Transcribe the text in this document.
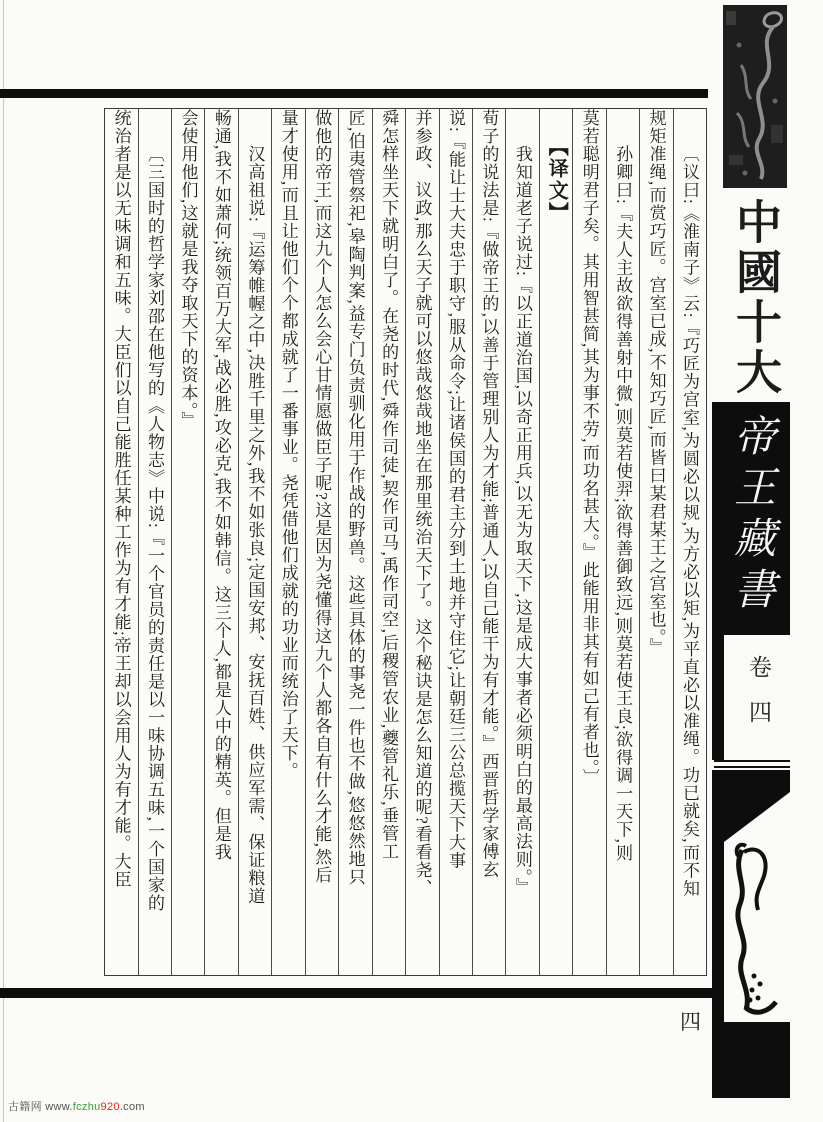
〔议曰:《淮南子》云:『巧匠为宫室,为圆必以规,为方必以矩,为平直必以准绳。功已就矣,而不知
规矩准绳,而赏巧匠。宫室已成,不知巧匠,而皆曰某君某王之宫室也。』
孙卿曰:『夫人主故欲得善射中微,则莫若使羿;欲得善御致远,则莫若使王良;欲得调一天下,则
莫若聪明君子矣。其用智甚简,其为事不劳,而功名甚大。』此能用非其有如己有者也。〕
【译文】
我知道老子说过:『以正道治国,以奇正用兵,以无为取天下,这是成大事者必须明白的最高法则。』
荀子的说法是:『做帝王的,以善于管理别人为才能;普通人,以自己能干为有才能。』西晋哲学家傅玄
说:『能让士大夫忠于职守,服从命令;让诸侯国的君主分到土地并守住它;让朝廷三公总揽天下大事
并参政、议政,那么天子就可以悠哉悠哉地坐在那里统治天下了。这个秘诀是怎么知道的呢?看看尧、
舜怎样坐天下就明白了。在尧的时代,舜作司徒,契作司马,禹作司空,后稷管农业,夔管礼乐,垂管工
匠,伯夷管祭祀,皋陶判案,益专门负责驯化用于作战的野兽。这些具体的事尧一件也不做,悠悠然地只
做他的帝王,而这九个人怎么会心甘情愿做臣子呢?这是因为尧懂得这九个人都各自有什么才能,然后
量才使用,而且让他们个个都成就了一番事业。尧凭借他们成就的功业而统治了天下。
汉高祖说:『运筹帷幄之中,决胜千里之外,我不如张良;定国安邦、安抚百姓、供应军需、保证粮道
畅通,我不如萧何;统领百万大军,战必胜,攻必克,我不如韩信。这三个人,都是人中的精英。但是我
会使用他们,这就是我夺取天下的资本。』
〔三国时的哲学家刘邵在他写的《人物志》中说:『一个官员的责任是以一味协调五味,一个国家的
统治者是以无味调和五味。大臣们以自己能胜任某种工作为有才能;帝王却以会用人为有才能。大臣	中國十大
帝王藏書
卷四
四
古籍网 www.fczhu920.com
